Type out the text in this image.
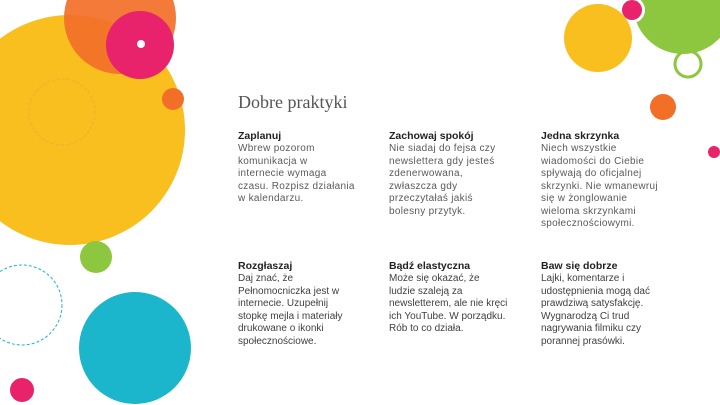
Dobre praktyki

Zaplanuj

Wbrew pozorom
komunikacja w
internecie wymaga
czasu. Rozpisz działania
w kalendarzu.

Zachowaj spokój

Nie siadaj do fejsa czy
newslettera gdy jesteś
zdenerwowana,
zwłaszcza gdy
przeczytałaś jakiś
bolesny przytyk.

Jedna skrzynka

Niech wszystkie
wiadomości do Ciebie
spływają do oficjalnej
skrzynki. Nie wmanewruj
się w żonglowanie
wieloma skrzynkami
społecznościowymi.

Rozgłaszaj

Daj znać, że
Pełnomocniczka jest w
internecie. Uzupełnij
stopkę mejla i materiały
drukowane o ikonki
społecznościowe.

Bądź elastyczna

Może się okazać, że
ludzie szaleją za
newsletterem, ale nie kręci
ich YouTube. W porządku.
Rób to co działa.

Baw się dobrze

Lajki, komentarze i
udostępnienia mogą dać
prawdziwą satysfakcję.
Wygnarodzą Ci trud
nagrywania filmiku czy
porannej prasówki.
